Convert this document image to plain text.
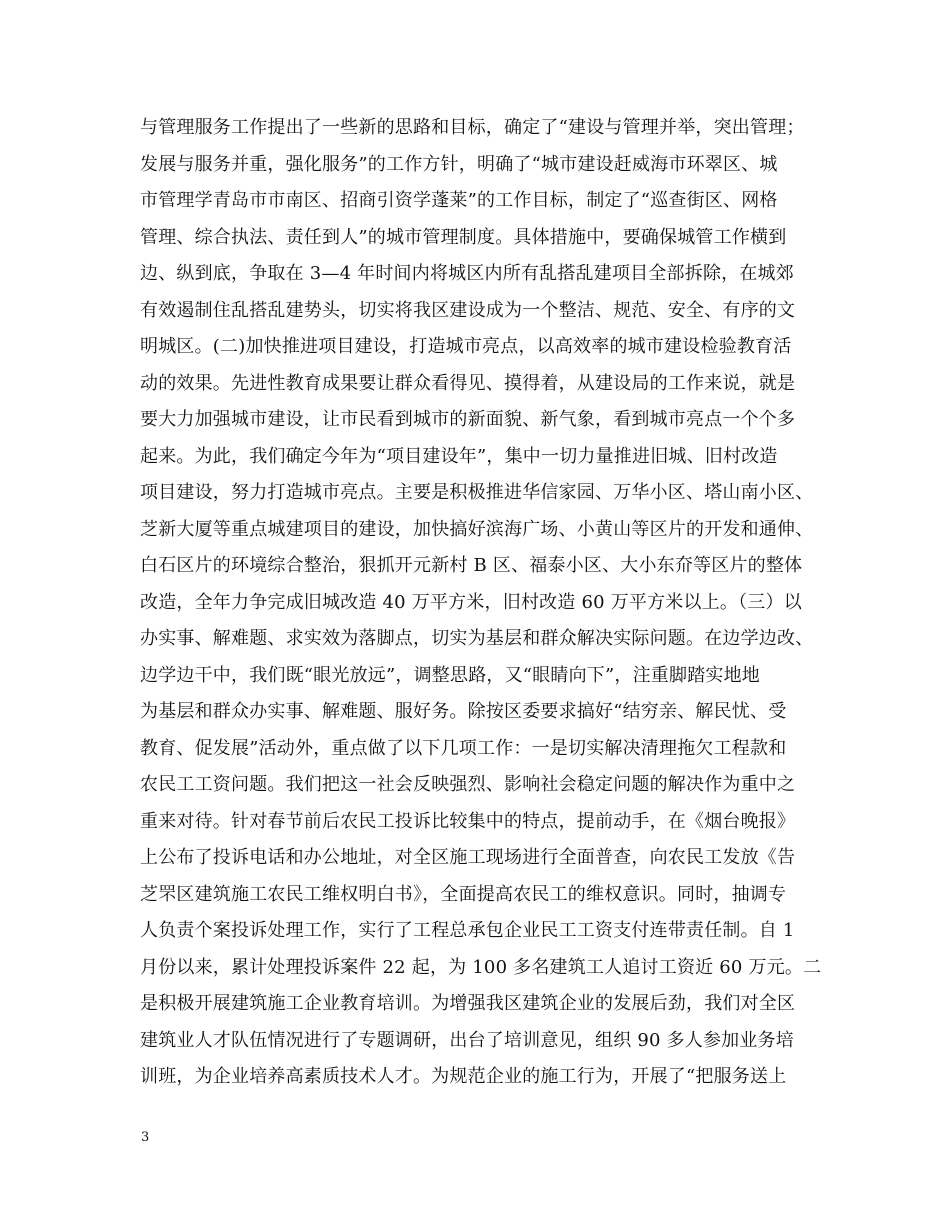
与管理服务工作提出了一些新的思路和目标，确定了“建设与管理并举，突出管理；
发展与服务并重，强化服务”的工作方针，明确了“城市建设赶威海市环翠区、城
市管理学青岛市市南区、招商引资学蓬莱”的工作目标，制定了“巡查街区、网格
管理、综合执法、责任到人”的城市管理制度。具体措施中，要确保城管工作横到
边、纵到底，争取在 3—4 年时间内将城区内所有乱搭乱建项目全部拆除，在城郊
有效遏制住乱搭乱建势头，切实将我区建设成为一个整洁、规范、安全、有序的文
明城区。(二)加快推进项目建设，打造城市亮点，以高效率的城市建设检验教育活
动的效果。先进性教育成果要让群众看得见、摸得着，从建设局的工作来说，就是
要大力加强城市建设，让市民看到城市的新面貌、新气象，看到城市亮点一个个多
起来。为此，我们确定今年为“项目建设年”，集中一切力量推进旧城、旧村改造
项目建设，努力打造城市亮点。主要是积极推进华信家园、万华小区、塔山南小区、
芝新大厦等重点城建项目的建设，加快搞好滨海广场、小黄山等区片的开发和通伸、
白石区片的环境综合整治，狠抓开元新村 B 区、福泰小区、大小东夼等区片的整体
改造，全年力争完成旧城改造 40 万平方米，旧村改造 60 万平方米以上。（三）以
办实事、解难题、求实效为落脚点，切实为基层和群众解决实际问题。在边学边改、
边学边干中，我们既“眼光放远”，调整思路，又“眼睛向下”，注重脚踏实地地
为基层和群众办实事、解难题、服好务。除按区委要求搞好“结穷亲、解民忧、受
教育、促发展”活动外，重点做了以下几项工作：一是切实解决清理拖欠工程款和
农民工工资问题。我们把这一社会反映强烈、影响社会稳定问题的解决作为重中之
重来对待。针对春节前后农民工投诉比较集中的特点，提前动手，在《烟台晚报》
上公布了投诉电话和办公地址，对全区施工现场进行全面普查，向农民工发放《告
芝罘区建筑施工农民工维权明白书》，全面提高农民工的维权意识。同时，抽调专
人负责个案投诉处理工作，实行了工程总承包企业民工工资支付连带责任制。自 1
月份以来，累计处理投诉案件 22 起，为 100 多名建筑工人追讨工资近 60 万元。二
是积极开展建筑施工企业教育培训。为增强我区建筑企业的发展后劲，我们对全区
建筑业人才队伍情况进行了专题调研，出台了培训意见，组织 90 多人参加业务培
训班，为企业培养高素质技术人才。为规范企业的施工行为，开展了“把服务送上
3
